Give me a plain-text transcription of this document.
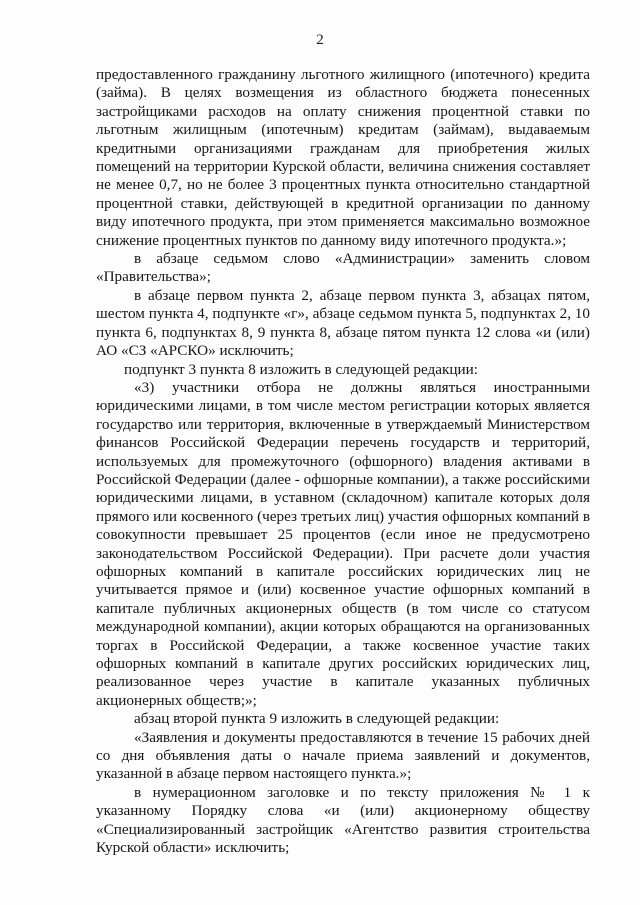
2

предоставленного гражданину льготного жилищного (ипотечного) кредита (займа). В целях возмещения из областного бюджета понесенных застройщиками расходов на оплату снижения процентной ставки по льготным жилищным (ипотечным) кредитам (займам), выдаваемым кредитными организациями гражданам для приобретения жилых помещений на территории Курской области, величина снижения составляет не менее 0,7, но не более 3 процентных пункта относительно стандартной процентной ставки, действующей в кредитной организации по данному виду ипотечного продукта, при этом применяется максимально возможное снижение процентных пунктов по данному виду ипотечного продукта.»;

в абзаце седьмом слово «Администрации» заменить словом «Правительства»;

в абзаце первом пункта 2, абзаце первом пункта 3, абзацах пятом, шестом пункта 4, подпункте «г», абзаце седьмом пункта 5, подпунктах 2, 10 пункта 6, подпунктах 8, 9 пункта 8, абзаце пятом пункта 12 слова «и (или) АО «СЗ «АРСКО» исключить;

подпункт 3 пункта 8 изложить в следующей редакции:

«3) участники отбора не должны являться иностранными юридическими лицами, в том числе местом регистрации которых является государство или территория, включенные в утверждаемый Министерством финансов Российской Федерации перечень государств и территорий, используемых для промежуточного (офшорного) владения активами в Российской Федерации (далее - офшорные компании), а также российскими юридическими лицами, в уставном (складочном) капитале которых доля прямого или косвенного (через третьих лиц) участия офшорных компаний в совокупности превышает 25 процентов (если иное не предусмотрено законодательством Российской Федерации). При расчете доли участия офшорных компаний в капитале российских юридических лиц не учитывается прямое и (или) косвенное участие офшорных компаний в капитале публичных акционерных обществ (в том числе со статусом международной компании), акции которых обращаются на организованных торгах в Российской Федерации, а также косвенное участие таких офшорных компаний в капитале других российских юридических лиц, реализованное через участие в капитале указанных публичных акционерных обществ;»;

абзац второй пункта 9 изложить в следующей редакции:

«Заявления и документы предоставляются в течение 15 рабочих дней со дня объявления даты о начале приема заявлений и документов, указанной в абзаце первом настоящего пункта.»;

в нумерационном заголовке и по тексту приложения № 1 к указанному Порядку слова «и (или) акционерному обществу «Специализированный застройщик «Агентство развития строительства Курской области» исключить;
